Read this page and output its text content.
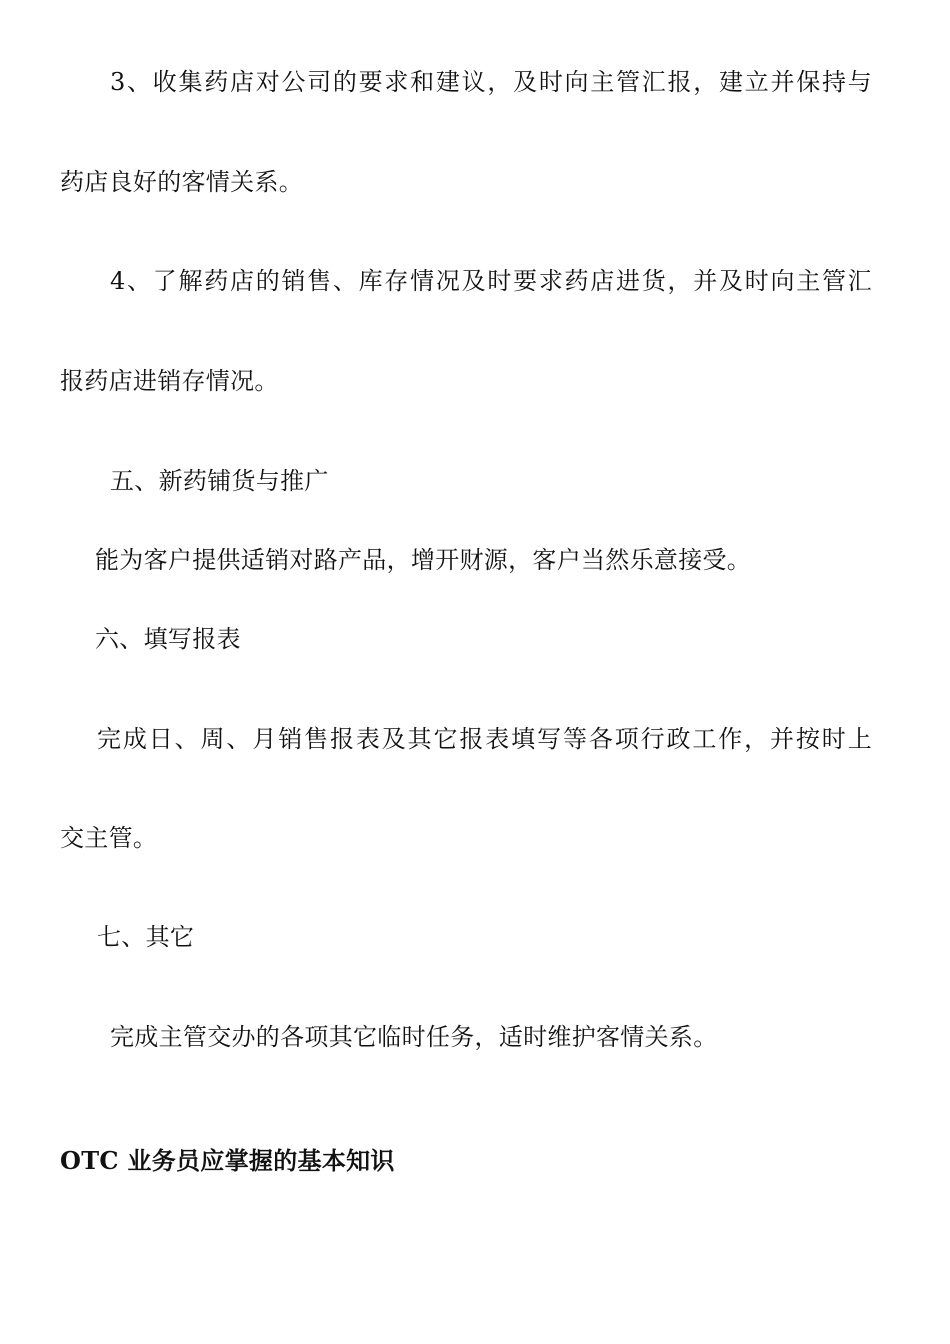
3、收集药店对公司的要求和建议，及时向主管汇报，建立并保持与
药店良好的客情关系。
4、了解药店的销售、库存情况及时要求药店进货，并及时向主管汇
报药店进销存情况。
五、新药铺货与推广
能为客户提供适销对路产品，增开财源，客户当然乐意接受。
六、填写报表
完成日、周、月销售报表及其它报表填写等各项行政工作，并按时上
交主管。
七、其它
完成主管交办的各项其它临时任务，适时维护客情关系。
OTC 业务员应掌握的基本知识
